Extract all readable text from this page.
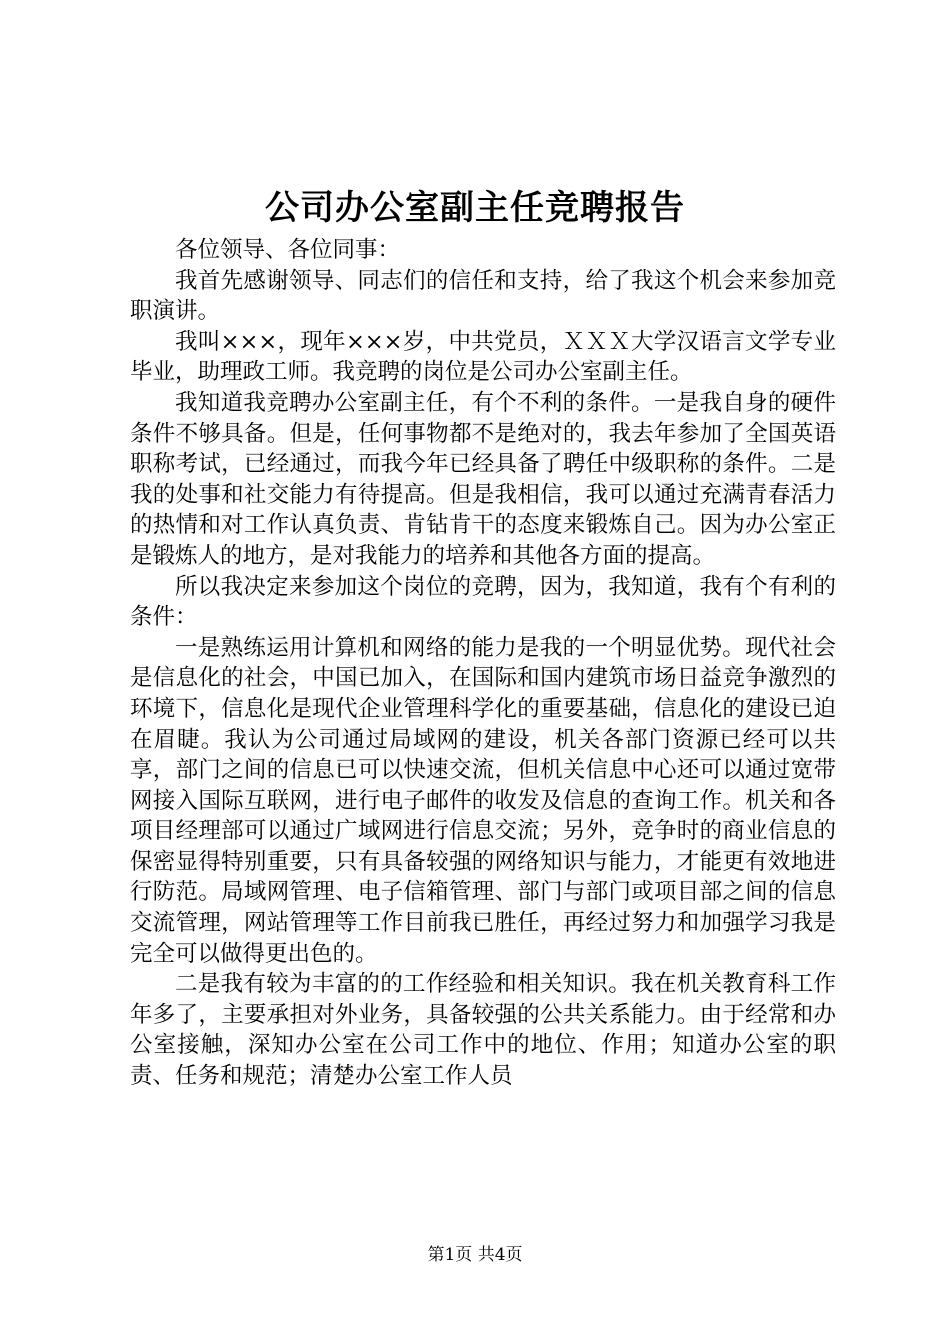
公司办公室副主任竞聘报告

各位领导、各位同事：

我首先感谢领导、同志们的信任和支持，给了我这个机会来参加竞职演讲。

我叫×××，现年×××岁，中共党员，ＸＸＸ大学汉语言文学专业毕业，助理政工师。我竞聘的岗位是公司办公室副主任。

我知道我竞聘办公室副主任，有个不利的条件。一是我自身的硬件条件不够具备。但是，任何事物都不是绝对的，我去年参加了全国英语职称考试，已经通过，而我今年已经具备了聘任中级职称的条件。二是我的处事和社交能力有待提高。但是我相信，我可以通过充满青春活力的热情和对工作认真负责、肯钻肯干的态度来锻炼自己。因为办公室正是锻炼人的地方，是对我能力的培养和其他各方面的提高。

所以我决定来参加这个岗位的竞聘，因为，我知道，我有个有利的条件：

一是熟练运用计算机和网络的能力是我的一个明显优势。现代社会是信息化的社会，中国已加入，在国际和国内建筑市场日益竞争激烈的环境下，信息化是现代企业管理科学化的重要基础，信息化的建设已迫在眉睫。我认为公司通过局域网的建设，机关各部门资源已经可以共享，部门之间的信息已可以快速交流，但机关信息中心还可以通过宽带网接入国际互联网，进行电子邮件的收发及信息的查询工作。机关和各项目经理部可以通过广域网进行信息交流；另外，竞争时的商业信息的保密显得特别重要，只有具备较强的网络知识与能力，才能更有效地进行防范。局域网管理、电子信箱管理、部门与部门或项目部之间的信息交流管理，网站管理等工作目前我已胜任，再经过努力和加强学习我是完全可以做得更出色的。

二是我有较为丰富的的工作经验和相关知识。我在机关教育科工作年多了，主要承担对外业务，具备较强的公共关系能力。由于经常和办公室接触，深知办公室在公司工作中的地位、作用；知道办公室的职责、任务和规范；清楚办公室工作人员

第1页 共4页
